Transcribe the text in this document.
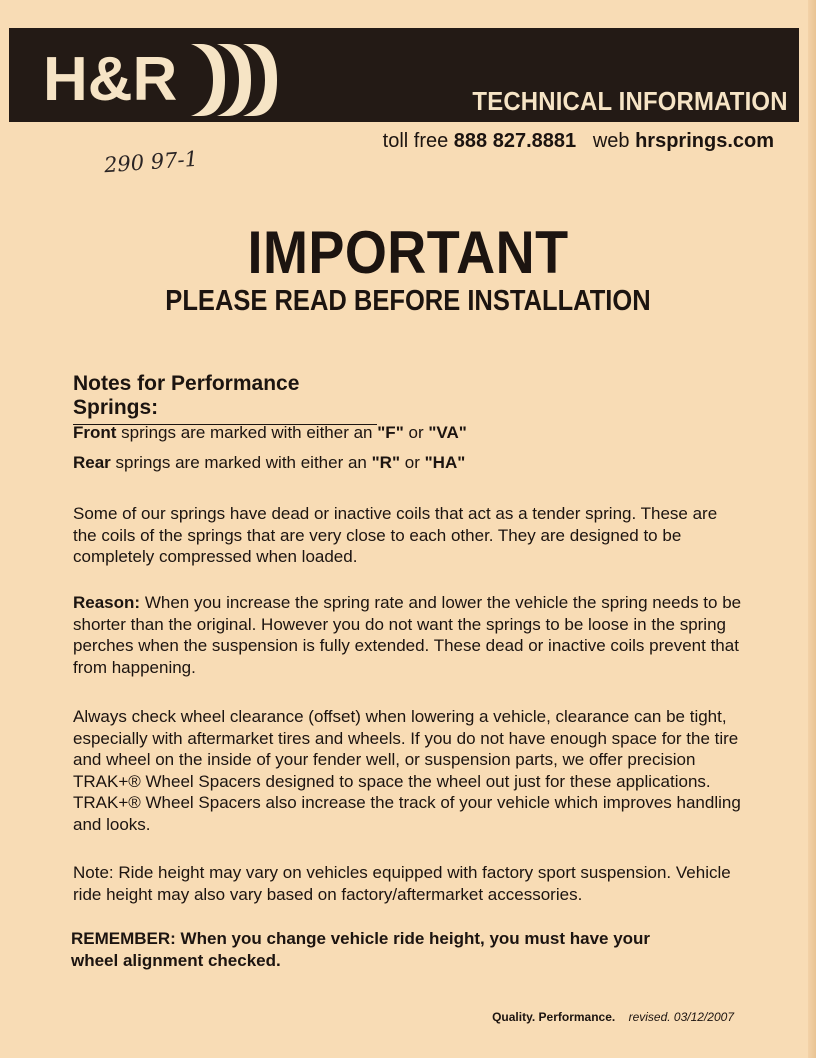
H&R	TECHNICAL INFORMATION
toll free 888 827.8881 web hrsprings.com
290 97-1
IMPORTANT
PLEASE READ BEFORE INSTALLATION
Notes for Performance Springs:
Front springs are marked with either an "F" or "VA"
Rear springs are marked with either an "R" or "HA"
Some of our springs have dead or inactive coils that act as a tender spring. These are the coils of the springs that are very close to each other. They are designed to be completely compressed when loaded.
Reason: When you increase the spring rate and lower the vehicle the spring needs to be shorter than the original. However you do not want the springs to be loose in the spring perches when the suspension is fully extended. These dead or inactive coils prevent that from happening.
Always check wheel clearance (offset) when lowering a vehicle, clearance can be tight, especially with aftermarket tires and wheels. If you do not have enough space for the tire and wheel on the inside of your fender well, or suspension parts, we offer precision TRAK+® Wheel Spacers designed to space the wheel out just for these applications. TRAK+® Wheel Spacers also increase the track of your vehicle which improves handling and looks.
Note: Ride height may vary on vehicles equipped with factory sport suspension. Vehicle ride height may also vary based on factory/aftermarket accessories.
REMEMBER: When you change vehicle ride height, you must have your wheel alignment checked.
Quality. Performance. revised. 03/12/2007
